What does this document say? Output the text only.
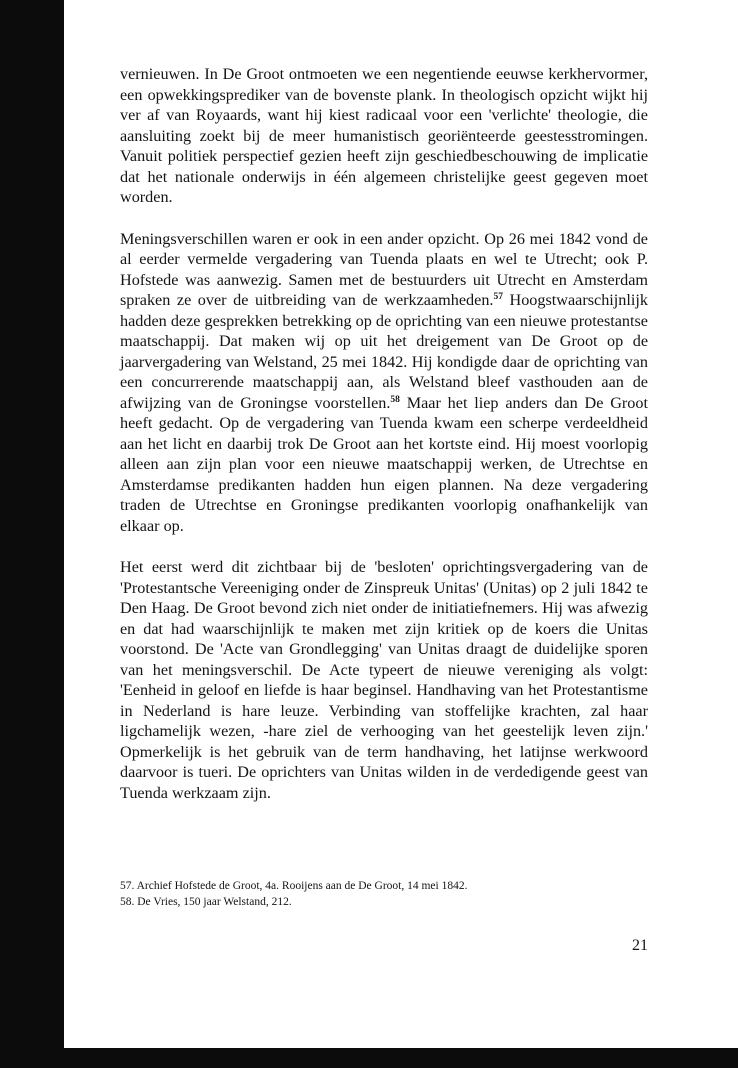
vernieuwen. In De Groot ontmoeten we een negentiende eeuwse kerkhervormer, een opwekkingsprediker van de bovenste plank. In theologisch opzicht wijkt hij ver af van Royaards, want hij kiest radicaal voor een 'verlichte' theologie, die aansluiting zoekt bij de meer humanistisch georiënteerde geestesstromingen. Vanuit politiek perspectief gezien heeft zijn geschiedbeschouwing de implicatie dat het nationale onderwijs in één algemeen christelijke geest gegeven moet worden.

Meningsverschillen waren er ook in een ander opzicht. Op 26 mei 1842 vond de al eerder vermelde vergadering van Tuenda plaats en wel te Utrecht; ook P. Hofstede was aanwezig. Samen met de bestuurders uit Utrecht en Amsterdam spraken ze over de uitbreiding van de werkzaamheden.$^{57}$ Hoogstwaarschijnlijk hadden deze gesprekken betrekking op de oprichting van een nieuwe protestantse maatschappij. Dat maken wij op uit het dreigement van De Groot op de jaarvergadering van Welstand, 25 mei 1842. Hij kondigde daar de oprichting van een concurrerende maatschappij aan, als Welstand bleef vasthouden aan de afwijzing van de Groningse voorstellen.$^{58}$ Maar het liep anders dan De Groot heeft gedacht. Op de vergadering van Tuenda kwam een scherpe verdeeldheid aan het licht en daarbij trok De Groot aan het kortste eind. Hij moest voorlopig alleen aan zijn plan voor een nieuwe maatschappij werken, de Utrechtse en Amsterdamse predikanten hadden hun eigen plannen. Na deze vergadering traden de Utrechtse en Groningse predikanten voorlopig onafhankelijk van elkaar op.

Het eerst werd dit zichtbaar bij de 'besloten' oprichtingsvergadering van de 'Protestantsche Vereeniging onder de Zinspreuk Unitas' (Unitas) op 2 juli 1842 te Den Haag. De Groot bevond zich niet onder de initiatiefnemers. Hij was afwezig en dat had waarschijnlijk te maken met zijn kritiek op de koers die Unitas voorstond. De 'Acte van Grondlegging' van Unitas draagt de duidelijke sporen van het meningsverschil. De Acte typeert de nieuwe vereniging als volgt: 'Eenheid in geloof en liefde is haar beginsel. Handhaving van het Protestantisme in Nederland is hare leuze. Verbinding van stoffelijke krachten, zal haar ligchamelijk wezen, -hare ziel de verhooging van het geestelijk leven zijn.' Opmerkelijk is het gebruik van de term handhaving, het latijnse werkwoord daarvoor is tueri. De oprichters van Unitas wilden in de verdedigende geest van Tuenda werkzaam zijn.

57. Archief Hofstede de Groot, 4a. Rooijens aan de De Groot, 14 mei 1842.
58. De Vries, 150 jaar Welstand, 212.
21
